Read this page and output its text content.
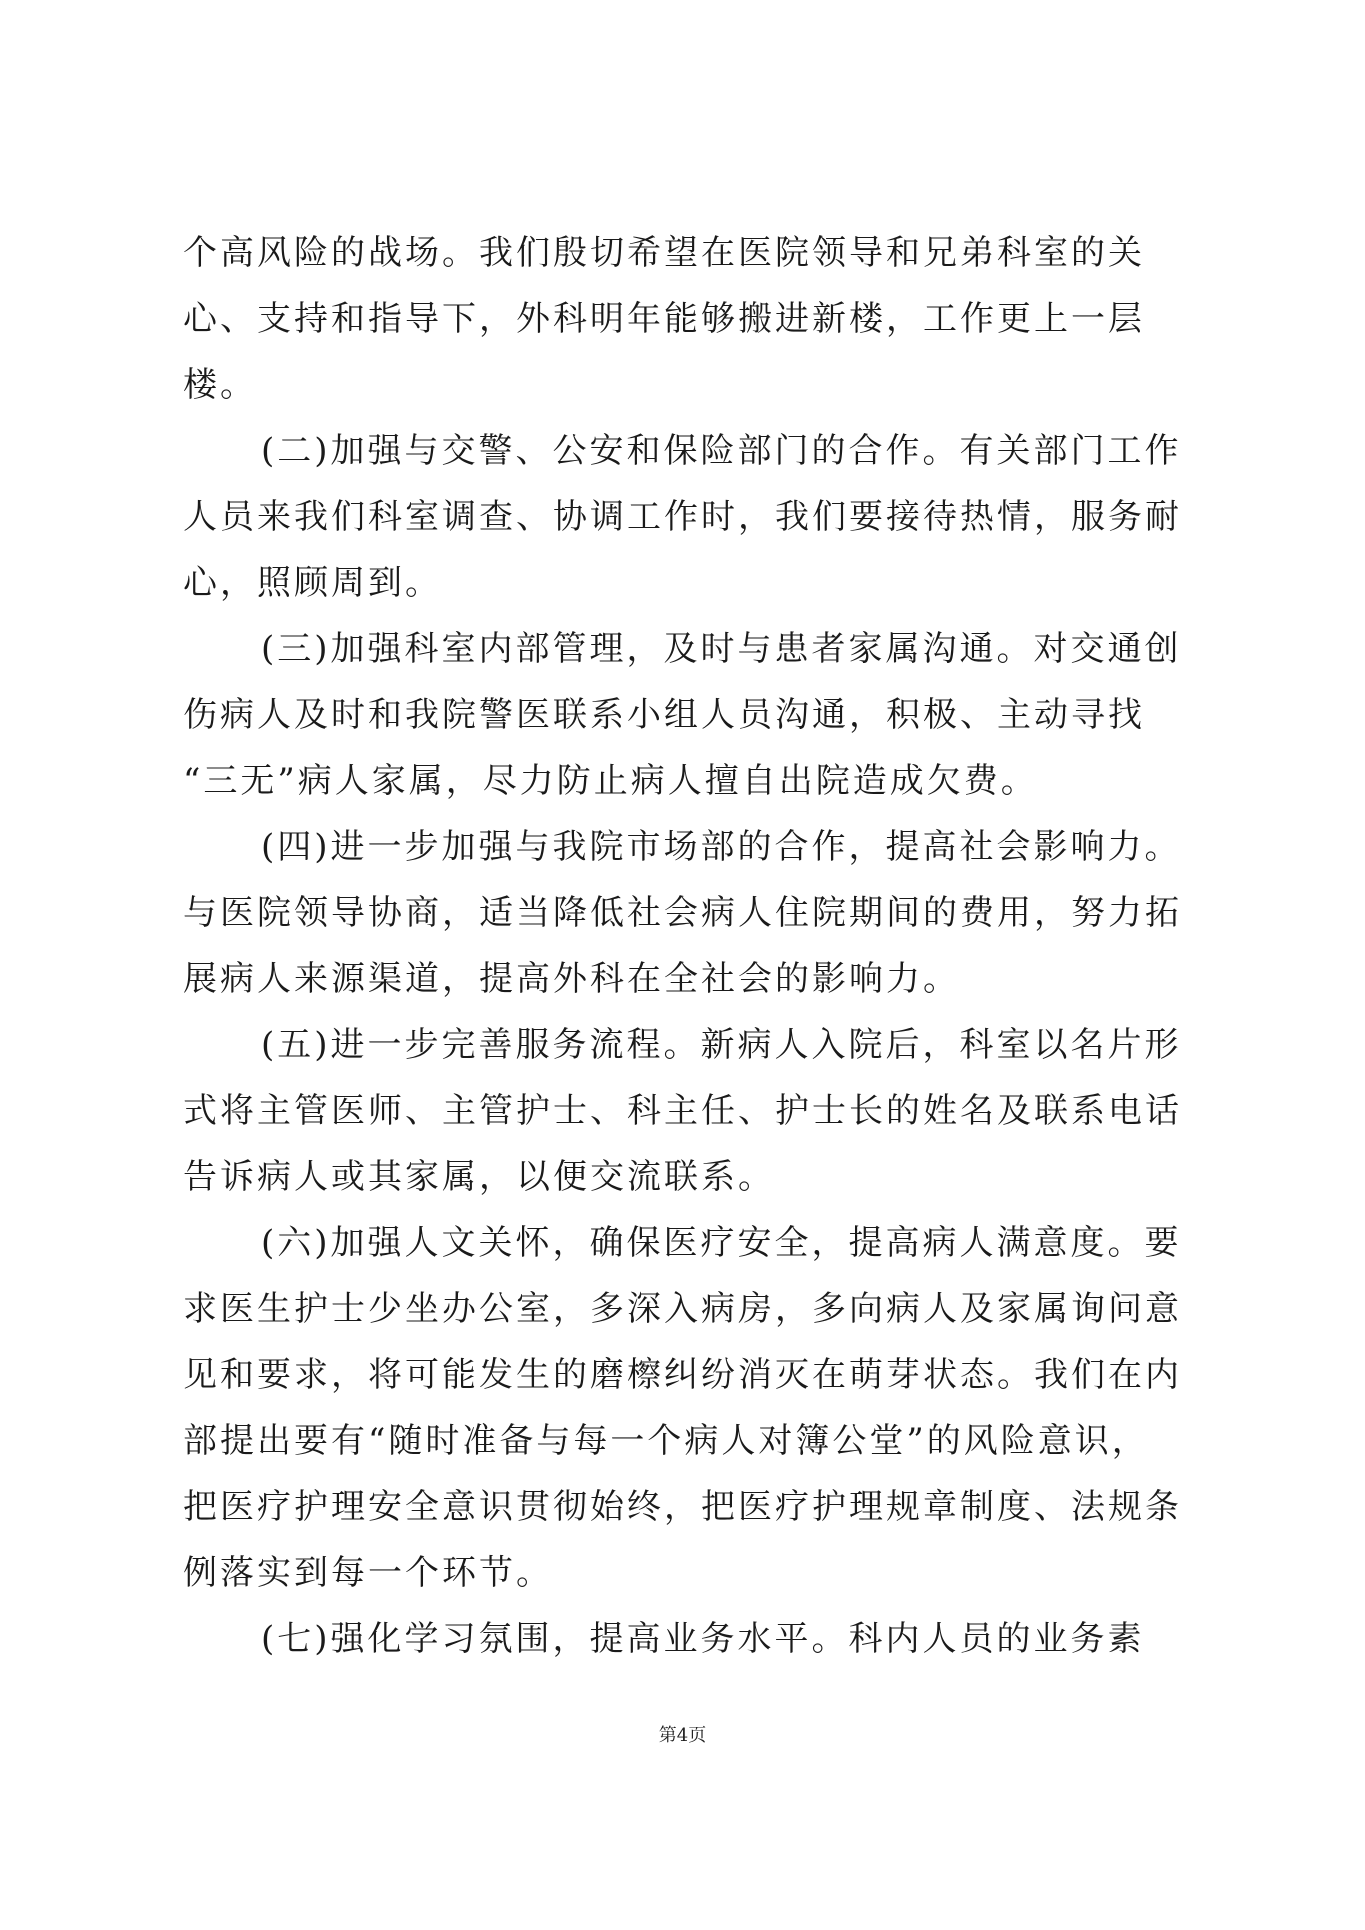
个高风险的战场。我们殷切希望在医院领导和兄弟科室的关
心、支持和指导下，外科明年能够搬进新楼，工作更上一层
楼。
(二)加强与交警、公安和保险部门的合作。有关部门工作
人员来我们科室调查、协调工作时，我们要接待热情，服务耐
心，照顾周到。
(三)加强科室内部管理，及时与患者家属沟通。对交通创
伤病人及时和我院警医联系小组人员沟通，积极、主动寻找
“三无”病人家属，尽力防止病人擅自出院造成欠费。
(四)进一步加强与我院市场部的合作，提高社会影响力。
与医院领导协商，适当降低社会病人住院期间的费用，努力拓
展病人来源渠道，提高外科在全社会的影响力。
(五)进一步完善服务流程。新病人入院后，科室以名片形
式将主管医师、主管护士、科主任、护士长的姓名及联系电话
告诉病人或其家属，以便交流联系。
(六)加强人文关怀，确保医疗安全，提高病人满意度。要
求医生护士少坐办公室，多深入病房，多向病人及家属询问意
见和要求，将可能发生的磨檫纠纷消灭在萌芽状态。我们在内
部提出要有“随时准备与每一个病人对簿公堂”的风险意识，
把医疗护理安全意识贯彻始终，把医疗护理规章制度、法规条
例落实到每一个环节。
(七)强化学习氛围，提高业务水平。科内人员的业务素
第4页
